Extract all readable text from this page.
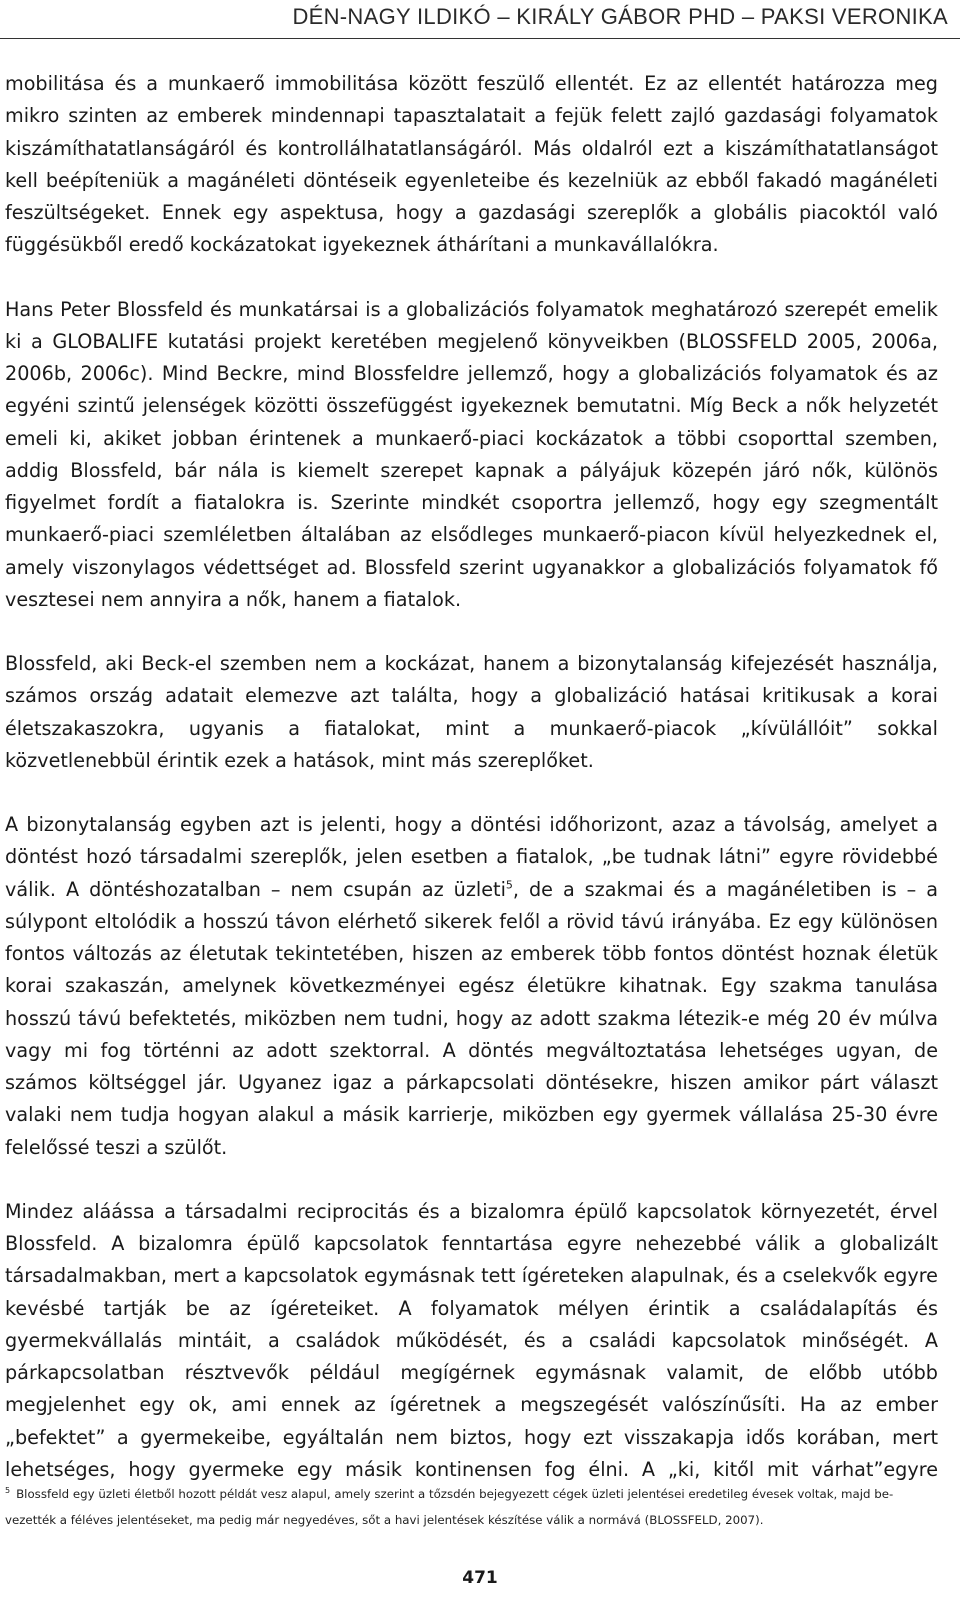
DÉN-NAGY ILDIKÓ – KIRÁLY GÁBOR PHD – PAKSI VERONIKA

mobilitása és a munkaerő immobilitása között feszülő ellentét. Ez az ellentét határozza meg mikro szinten az emberek mindennapi tapasztalatait a fejük felett zajló gazdasági folyamatok kiszámíthatatlanságáról és kontrollálhatatlanságáról. Más oldalról ezt a kiszámíthatatlanságot kell beépíteniük a magánéleti döntéseik egyenleteibe és kezelniük az ebből fakadó magánéleti feszültségeket. Ennek egy aspektusa, hogy a gazdasági szereplők a globális piacoktól való függésükből eredő kockázatokat igyekeznek áthárítani a munkavállalókra.

Hans Peter Blossfeld és munkatársai is a globalizációs folyamatok meghatározó szerepét emelik ki a GLOBALIFE kutatási projekt keretében megjelenő könyveikben (BLOSSFELD 2005, 2006a, 2006b, 2006c). Mind Beckre, mind Blossfeldre jellemző, hogy a globalizációs folyamatok és az egyéni szintű jelenségek közötti összefüggést igyekeznek bemutatni. Míg Beck a nők helyzetét emeli ki, akiket jobban érintenek a munkaerő-piaci kockázatok a többi csoporttal szemben, addig Blossfeld, bár nála is kiemelt szerepet kapnak a pályájuk közepén járó nők, különös figyelmet fordít a fiatalokra is. Szerinte mindkét csoportra jellemző, hogy egy szegmentált munkaerő-piaci szemléletben általában az elsődleges munkaerő-piacon kívül helyezkednek el, amely viszonylagos védettséget ad. Blossfeld szerint ugyanakkor a globalizációs folyamatok fő vesztesei nem annyira a nők, hanem a fiatalok.

Blossfeld, aki Beck-el szemben nem a kockázat, hanem a bizonytalanság kifejezését használja, számos ország adatait elemezve azt találta, hogy a globalizáció hatásai kritikusak a korai életszakaszokra, ugyanis a fiatalokat, mint a munkaerő-piacok „kívülállóit” sokkal közvetlenebbül érintik ezek a hatások, mint más szereplőket.

A bizonytalanság egyben azt is jelenti, hogy a döntési időhorizont, azaz a távolság, amelyet a döntést hozó társadalmi szereplők, jelen esetben a fiatalok, „be tudnak látni” egyre rövidebbé válik. A döntéshozatalban – nem csupán az üzleti$^5$, de a szakmai és a magánéletiben is – a súlypont eltolódik a hosszú távon elérhető sikerek felől a rövid távú irányába. Ez egy különösen fontos változás az életutak tekintetében, hiszen az emberek több fontos döntést hoznak életük korai szakaszán, amelynek következményei egész életükre kihatnak. Egy szakma tanulása hosszú távú befektetés, miközben nem tudni, hogy az adott szakma létezik-e még 20 év múlva vagy mi fog történni az adott szektorral. A döntés megváltoztatása lehetséges ugyan, de számos költséggel jár. Ugyanez igaz a párkapcsolati döntésekre, hiszen amikor párt választ valaki nem tudja hogyan alakul a másik karrierje, miközben egy gyermek vállalása 25-30 évre felelőssé teszi a szülőt.

Mindez aláássa a társadalmi reciprocitás és a bizalomra épülő kapcsolatok környezetét, érvel Blossfeld. A bizalomra épülő kapcsolatok fenntartása egyre nehezebbé válik a globalizált társadalmakban, mert a kapcsolatok egymásnak tett ígéreteken alapulnak, és a cselekvők egyre kevésbé tartják be az ígéreteiket. A folyamatok mélyen érintik a családalapítás és gyermekvállalás mintáit, a családok működését, és a családi kapcsolatok minőségét. A párkapcsolatban résztvevők például megígérnek egymásnak valamit, de előbb utóbb megjelenhet egy ok, ami ennek az ígéretnek a megszegését valószínűsíti. Ha az ember „befektet” a gyermekeibe, egyáltalán nem biztos, hogy ezt visszakapja idős korában, mert lehetséges, hogy gyermeke egy másik kontinensen fog élni. A „ki, kitől mit várhat”egyre

$^5$ Blossfeld egy üzleti életből hozott példát vesz alapul, amely szerint a tőzsdén bejegyezett cégek üzleti jelentései eredetileg évesek voltak, majd bevezették a féléves jelentéseket, ma pedig már negyedéves, sőt a havi jelentések készítése válik a normává (BLOSSFELD, 2007).
471
